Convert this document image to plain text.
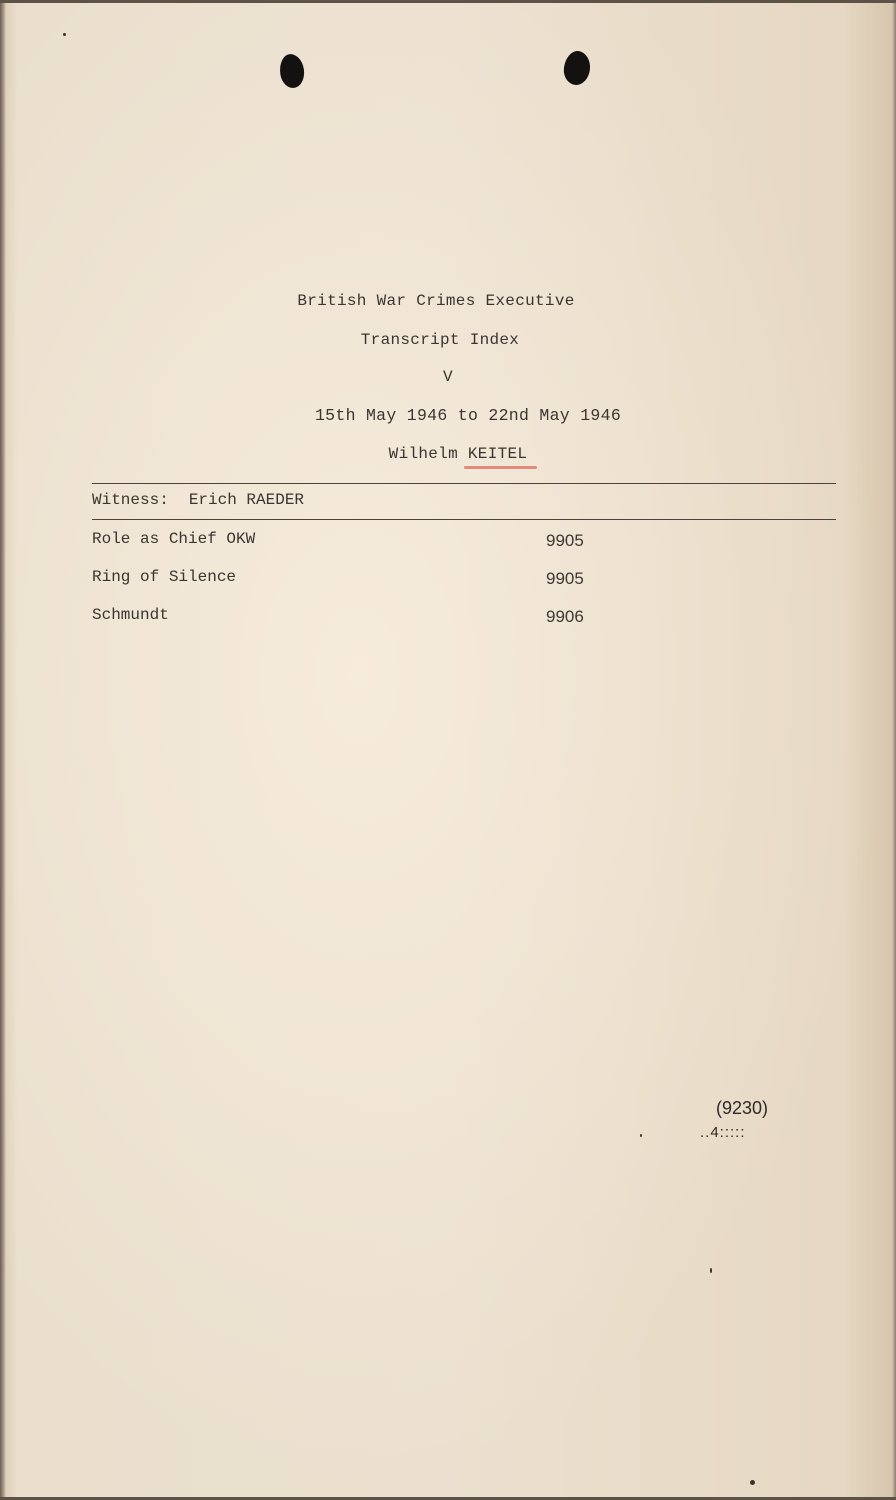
British War Crimes Executive
Transcript Index
V
15th May 1946 to 22nd May 1946
Wilhelm KEITEL
Witness: Erich RAEDER
Role as Chief OKW	9905
Ring of Silence	9905
Schmundt	9906
(9230)
..4:::::
